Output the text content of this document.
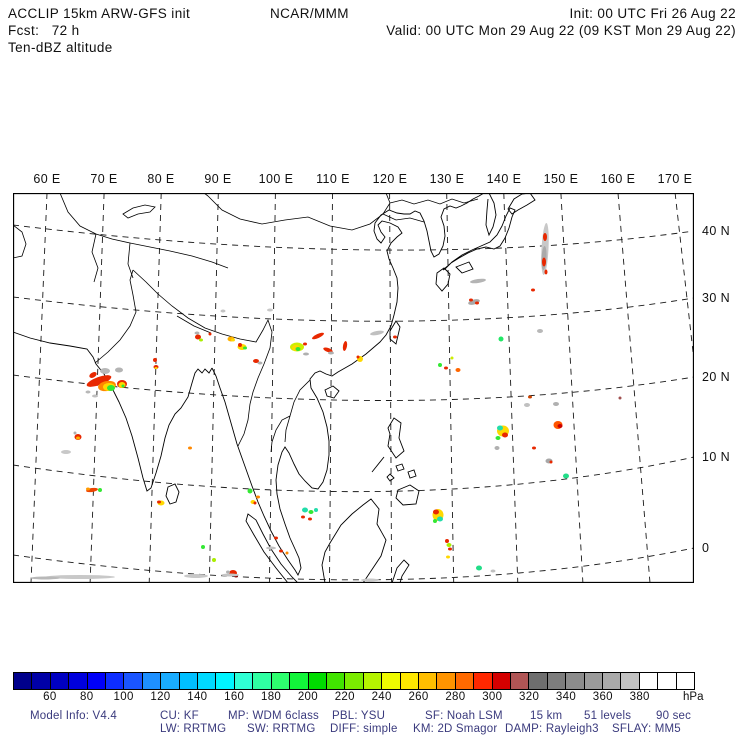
ACCLIP 15km ARW-GFS init	NCAR/MMM	Init: 00 UTC Fri 26 Aug 22
Fcst:   72 h	Valid: 00 UTC Mon 29 Aug 22 (09 KST Mon 29 Aug 22)
Ten-dBZ altitude
60 E 70 E 80 E 90 E 100 E 110 E 120 E 130 E 140 E 150 E 160 E 170 E
40 N
30 N
20 N
10 N
0
60 80 100 120 140 160 180 200 220 240 260 280 300 320 340 360 380	hPa
Model Info: V4.4	CU: KF	MP: WDM 6class PBL: YSU	SF: Noah LSM 15 km 51 levels 90 sec
LW: RRTMG SW: RRTMG DIFF: simple KM: 2D Smagor DAMP: Rayleigh3 SFLAY: MM5
